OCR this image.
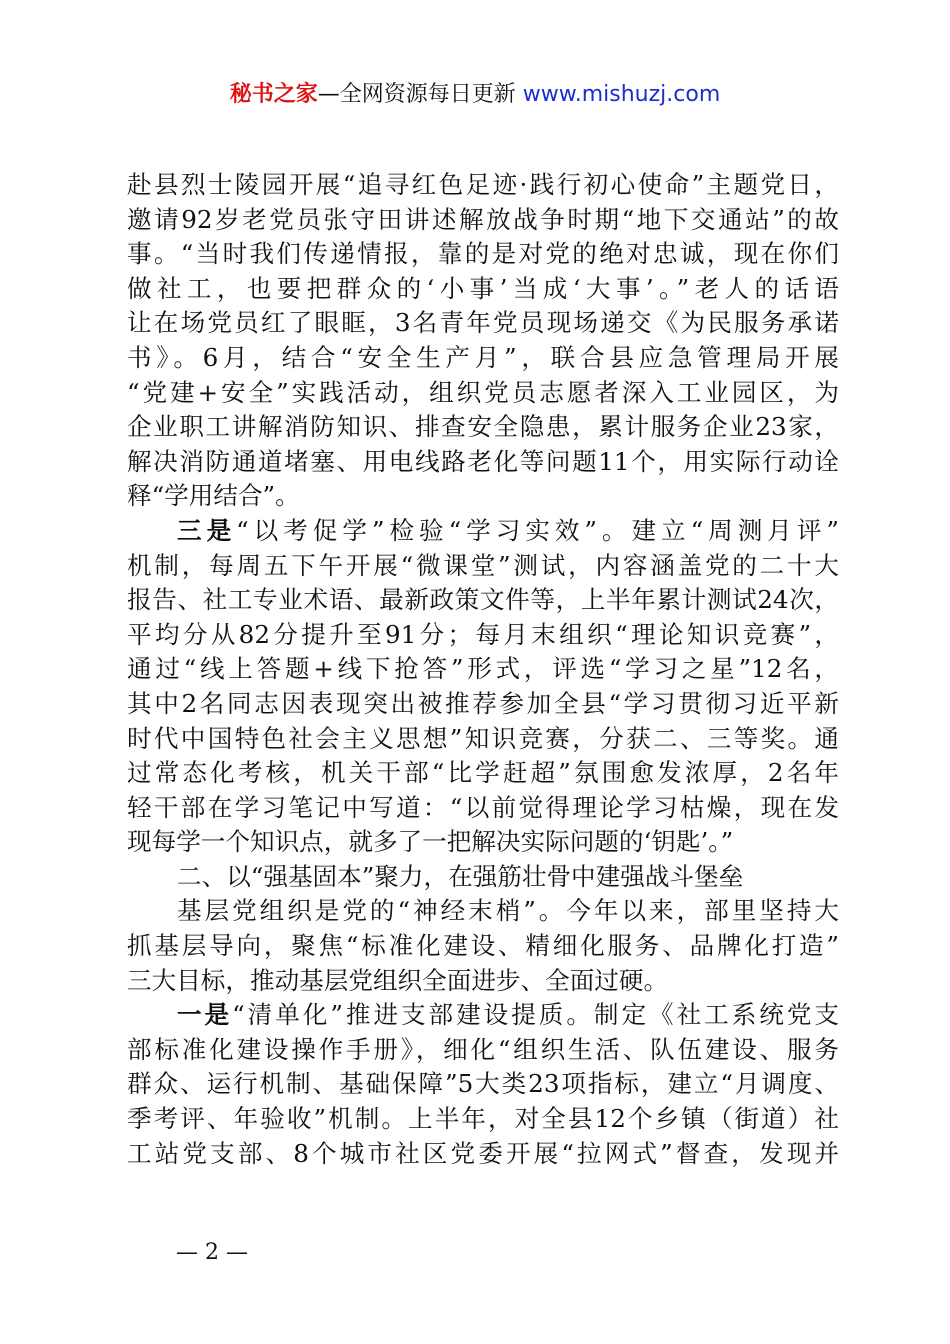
秘书之家—全网资源每日更新 www.mishuzj.com
赴县烈士陵园开展“追寻红色足迹·践行初心使命”主题党日，
邀请92岁老党员张守田讲述解放战争时期“地下交通站”的故
事。“当时我们传递情报，靠的是对党的绝对忠诚，现在你们
做社工，也要把群众的‘小事’当成‘大事’。”老人的话语
让在场党员红了眼眶，3名青年党员现场递交《为民服务承诺
书》。6月，结合“安全生产月”，联合县应急管理局开展
“党建+安全”实践活动，组织党员志愿者深入工业园区，为
企业职工讲解消防知识、排查安全隐患，累计服务企业23家，
解决消防通道堵塞、用电线路老化等问题11个，用实际行动诠
释“学用结合”。
三是“以考促学”检验“学习实效”。建立“周测月评”
机制，每周五下午开展“微课堂”测试，内容涵盖党的二十大
报告、社工专业术语、最新政策文件等，上半年累计测试24次，
平均分从82分提升至91分；每月末组织“理论知识竞赛”，
通过“线上答题+线下抢答”形式，评选“学习之星”12名，
其中2名同志因表现突出被推荐参加全县“学习贯彻习近平新
时代中国特色社会主义思想”知识竞赛，分获二、三等奖。通
过常态化考核，机关干部“比学赶超”氛围愈发浓厚，2名年
轻干部在学习笔记中写道：“以前觉得理论学习枯燥，现在发
现每学一个知识点，就多了一把解决实际问题的‘钥匙’。”
二、以“强基固本”聚力，在强筋壮骨中建强战斗堡垒
基层党组织是党的“神经末梢”。今年以来，部里坚持大
抓基层导向，聚焦“标准化建设、精细化服务、品牌化打造”
三大目标，推动基层党组织全面进步、全面过硬。
一是“清单化”推进支部建设提质。制定《社工系统党支
部标准化建设操作手册》，细化“组织生活、队伍建设、服务
群众、运行机制、基础保障”5大类23项指标，建立“月调度、
季考评、年验收”机制。上半年，对全县12个乡镇（街道）社
工站党支部、8个城市社区党委开展“拉网式”督查，发现并
— 2 —
